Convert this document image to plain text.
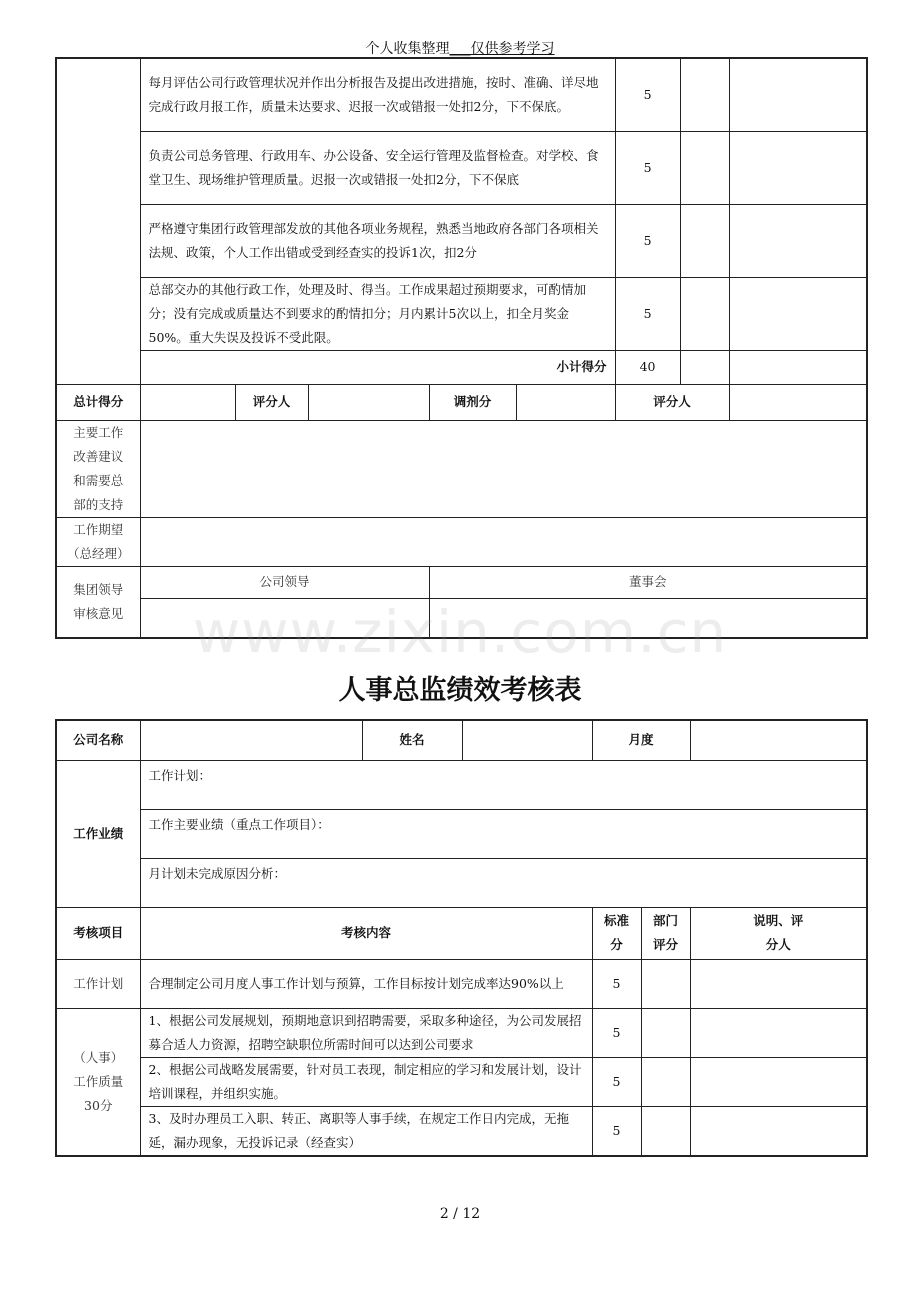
个人收集整理___仅供参考学习
	每月评估公司行政管理状况并作出分析报告及提出改进措施，按时、准确、详尽地完成行政月报工作，质量未达要求、迟报一次或错报一处扣2分，下不保底。					5		
	负责公司总务管理、行政用车、办公设备、安全运行管理及监督检查。对学校、食堂卫生、现场维护管理质量。迟报一次或错报一处扣2分，下不保底					5		
	严格遵守集团行政管理部发放的其他各项业务规程，熟悉当地政府各部门各项相关法规、政策，个人工作出错或受到经查实的投诉1次，扣2分					5		
	总部交办的其他行政工作，处理及时、得当。工作成果超过预期要求，可酌情加分；没有完成或质量达不到要求的酌情扣分；月内累计5次以上，扣全月奖金50%。重大失误及投诉不受此限。					5		
	小计得分					40		
总计得分		评分人		调剂分		评分人		
主要工作改善建议和需要总部的支持								
工作期望（总经理）								
集团领导审核意见	公司领导			董事会				

www.zixin.com.cn
人事总监绩效考核表
公司名称		姓名		月度		
工作业绩	工作计划：					
	工作主要业绩（重点工作项目）：					
	月计划未完成原因分析：					
考核项目	考核内容			标准分	部门评分	说明、评分人
工作计划	合理制定公司月度人事工作计划与预算，工作目标按计划完成率达90%以上			5		
（人事）工作质量30分	1、根据公司发展规划，预期地意识到招聘需要，采取多种途径，为公司发展招募合适人力资源，招聘空缺职位所需时间可以达到公司要求			5		
	2、根据公司战略发展需要，针对员工表现，制定相应的学习和发展计划，设计培训课程，并组织实施。			5		
	3、及时办理员工入职、转正、离职等人事手续，在规定工作日内完成，无拖延，漏办现象，无投诉记录（经查实）			5		
2 / 12
